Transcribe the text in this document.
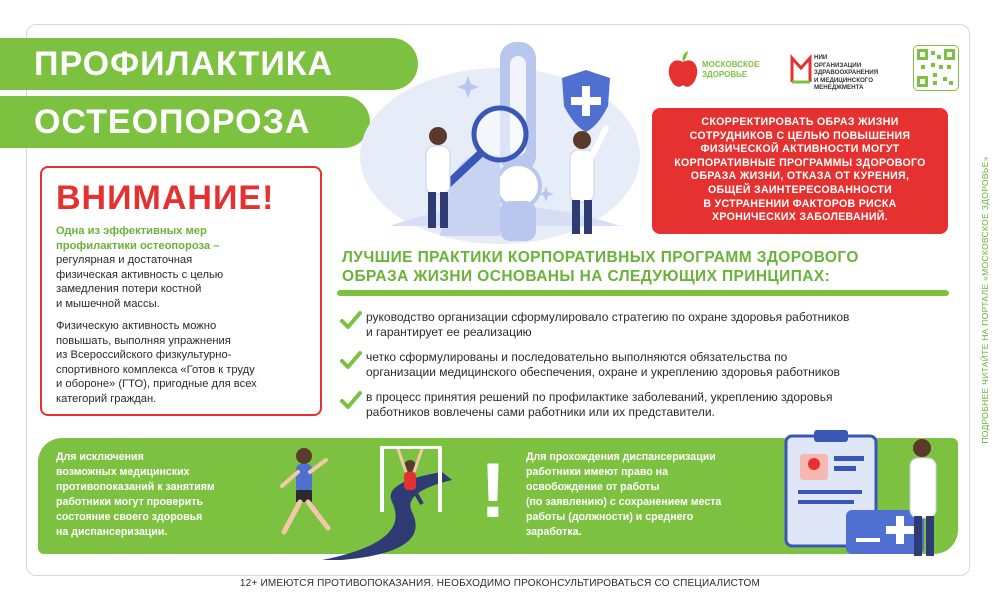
ПРОФИЛАКТИКА
ОСТЕОПОРОЗА
МОСКОВСКОЕ
ЗДОРОВЬЕ
НИИ
ОРГАНИЗАЦИИ
ЗДРАВООХРАНЕНИЯ
И МЕДИЦИНСКОГО
МЕНЕДЖМЕНТА
ВНИМАНИЕ!
Одна из эффективных мер
профилактики остеопороза –
регулярная и достаточная
физическая активность с целью
замедления потери костной
и мышечной массы.
Физическую активность можно
повышать, выполняя упражнения
из Всероссийского физкультурно-
спортивного комплекса «Готов к труду
и обороне» (ГТО), пригодные для всех
категорий граждан.
СКОРРЕКТИРОВАТЬ ОБРАЗ ЖИЗНИ
СОТРУДНИКОВ С ЦЕЛЬЮ ПОВЫШЕНИЯ
ФИЗИЧЕСКОЙ АКТИВНОСТИ МОГУТ
КОРПОРАТИВНЫЕ ПРОГРАММЫ ЗДОРОВОГО
ОБРАЗА ЖИЗНИ, ОТКАЗА ОТ КУРЕНИЯ,
ОБЩЕЙ ЗАИНТЕРЕСОВАННОСТИ
В УСТРАНЕНИИ ФАКТОРОВ РИСКА
ХРОНИЧЕСКИХ ЗАБОЛЕВАНИЙ.
ЛУЧШИЕ ПРАКТИКИ КОРПОРАТИВНЫХ ПРОГРАММ ЗДОРОВОГО
ОБРАЗА ЖИЗНИ ОСНОВАНЫ НА СЛЕДУЮЩИХ ПРИНЦИПАХ:
руководство организации сформулировало стратегию по охране здоровья работников
и гарантирует ее реализацию
четко сформулированы и последовательно выполняются обязательства по
организации медицинского обеспечения, охране и укреплению здоровья работников
в процесс принятия решений по профилактике заболеваний, укреплению здоровья
работников вовлечены сами работники или их представители.
Для исключения
возможных медицинских
противопоказаний к занятиям
работники могут проверить
состояние своего здоровья
на диспансеризации.	! Для прохождения диспансеризации
работники имеют право на
освобождение от работы
(по заявлению) с сохранением места
работы (должности) и среднего
заработка.
ПОДРОБНЕЕ ЧИТАЙТЕ НА ПОРТАЛЕ «МОСКОВСКОЕ ЗДОРОВЬЕ»
12+ ИМЕЮТСЯ ПРОТИВОПОКАЗАНИЯ. НЕОБХОДИМО ПРОКОНСУЛЬТИРОВАТЬСЯ СО СПЕЦИАЛИСТОМ
